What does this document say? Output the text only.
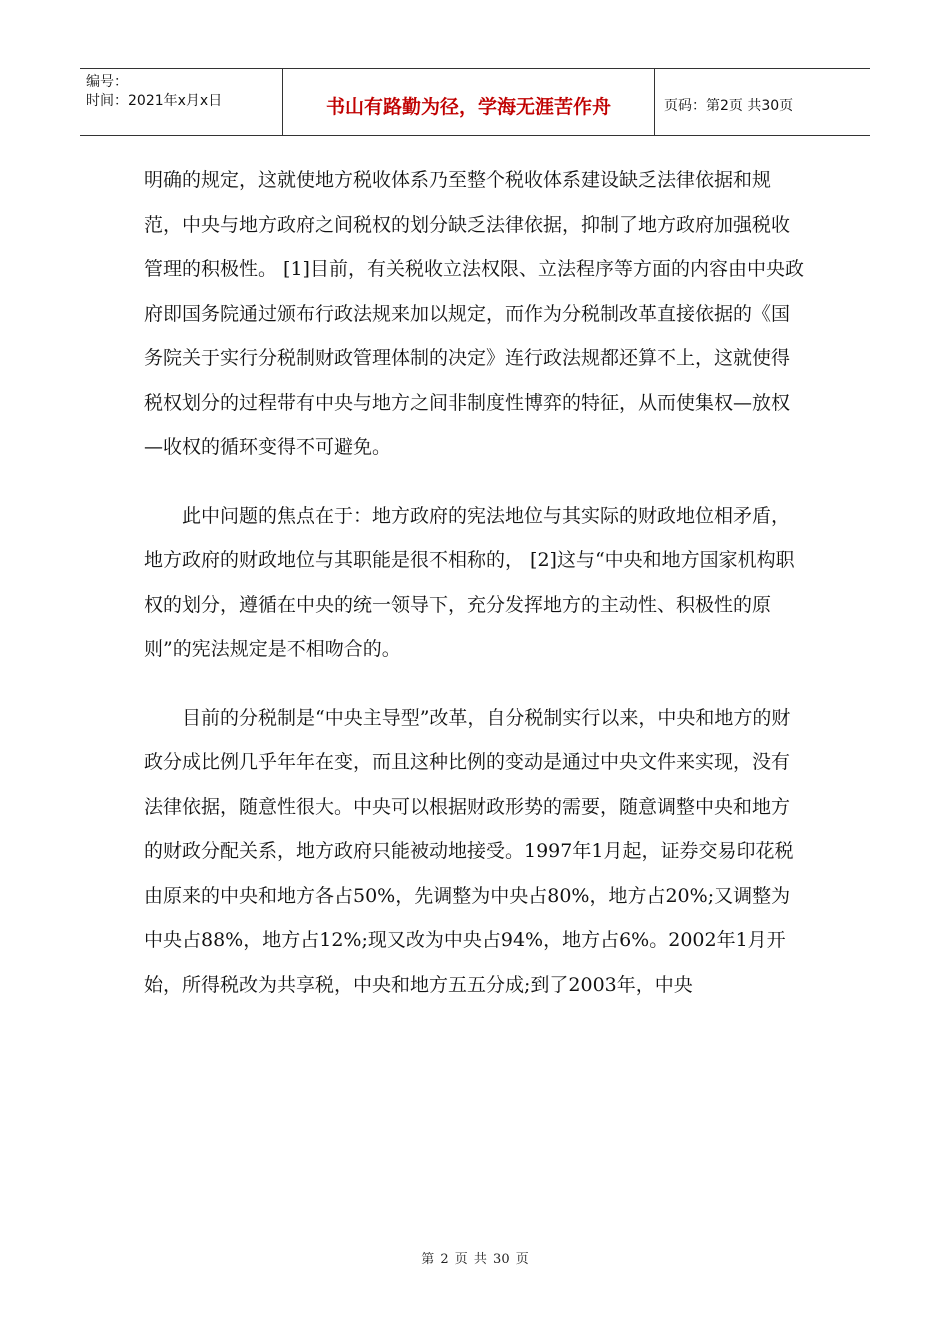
编号：
时间：2021年x月x日	书山有路勤为径，学海无涯苦作舟	页码：第2页 共30页

明确的规定，这就使地方税收体系乃至整个税收体系建设缺乏法律依据和规范，中央与地方政府之间税权的划分缺乏法律依据，抑制了地方政府加强税收管理的积极性。 [1]目前，有关税收立法权限、立法程序等方面的内容由中央政府即国务院通过颁布行政法规来加以规定，而作为分税制改革直接依据的《国务院关于实行分税制财政管理体制的决定》连行政法规都还算不上，这就使得税权划分的过程带有中央与地方之间非制度性博弈的特征，从而使集权—放权—收权的循环变得不可避免。

此中问题的焦点在于：地方政府的宪法地位与其实际的财政地位相矛盾，地方政府的财政地位与其职能是很不相称的， [2]这与“中央和地方国家机构职权的划分，遵循在中央的统一领导下，充分发挥地方的主动性、积极性的原则”的宪法规定是不相吻合的。

目前的分税制是“中央主导型”改革，自分税制实行以来，中央和地方的财政分成比例几乎年年在变，而且这种比例的变动是通过中央文件来实现，没有法律依据，随意性很大。中央可以根据财政形势的需要，随意调整中央和地方的财政分配关系，地方政府只能被动地接受。1997年1月起，证券交易印花税由原来的中央和地方各占50%，先调整为中央占80%，地方占20%;又调整为中央占88%，地方占12%;现又改为中央占94%，地方占6%。2002年1月开始，所得税改为共享税，中央和地方五五分成;到了2003年，中央

第 2 页 共 30 页
